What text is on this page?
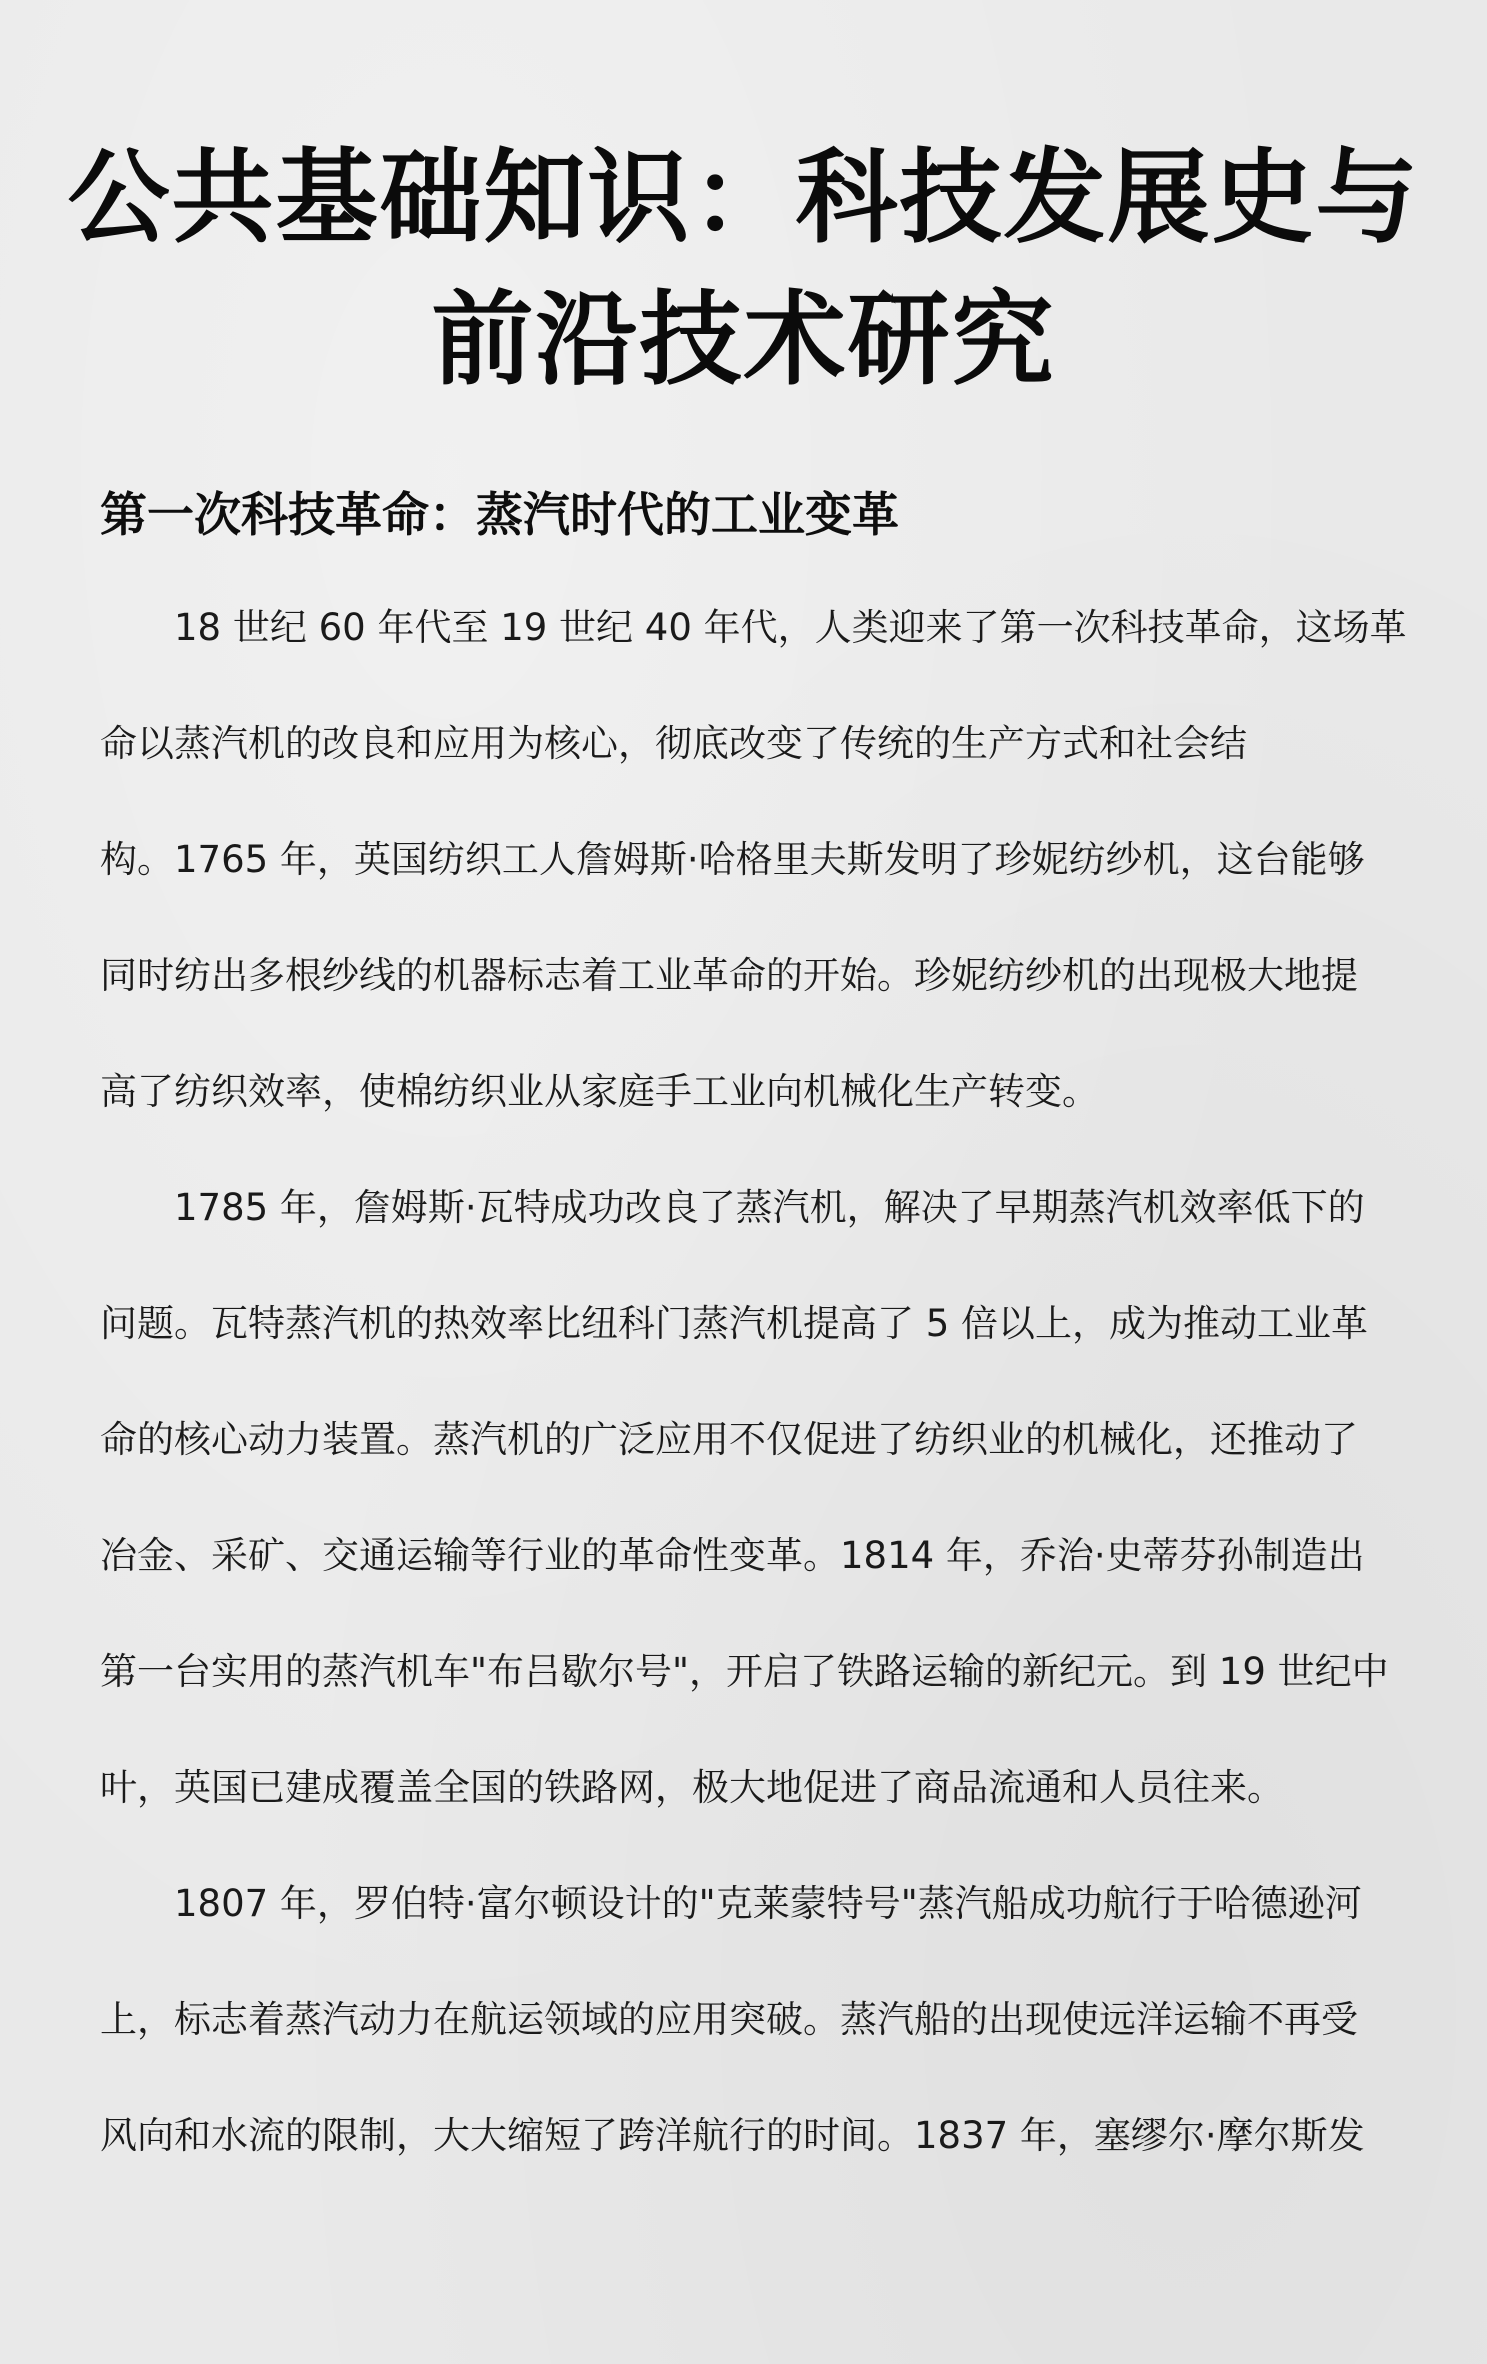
公共基础知识：科技发展史与
前沿技术研究
第一次科技革命：蒸汽时代的工业变革
18 世纪 60 年代至 19 世纪 40 年代，人类迎来了第一次科技革命，这场革
命以蒸汽机的改良和应用为核心，彻底改变了传统的生产方式和社会结
构。1765 年，英国纺织工人詹姆斯·哈格里夫斯发明了珍妮纺纱机，这台能够
同时纺出多根纱线的机器标志着工业革命的开始。珍妮纺纱机的出现极大地提
高了纺织效率，使棉纺织业从家庭手工业向机械化生产转变。
1785 年，詹姆斯·瓦特成功改良了蒸汽机，解决了早期蒸汽机效率低下的
问题。瓦特蒸汽机的热效率比纽科门蒸汽机提高了 5 倍以上，成为推动工业革
命的核心动力装置。蒸汽机的广泛应用不仅促进了纺织业的机械化，还推动了
冶金、采矿、交通运输等行业的革命性变革。1814 年，乔治·史蒂芬孙制造出
第一台实用的蒸汽机车"布吕歇尔号"，开启了铁路运输的新纪元。到 19 世纪中
叶，英国已建成覆盖全国的铁路网，极大地促进了商品流通和人员往来。
1807 年，罗伯特·富尔顿设计的"克莱蒙特号"蒸汽船成功航行于哈德逊河
上，标志着蒸汽动力在航运领域的应用突破。蒸汽船的出现使远洋运输不再受
风向和水流的限制，大大缩短了跨洋航行的时间。1837 年，塞缪尔·摩尔斯发
